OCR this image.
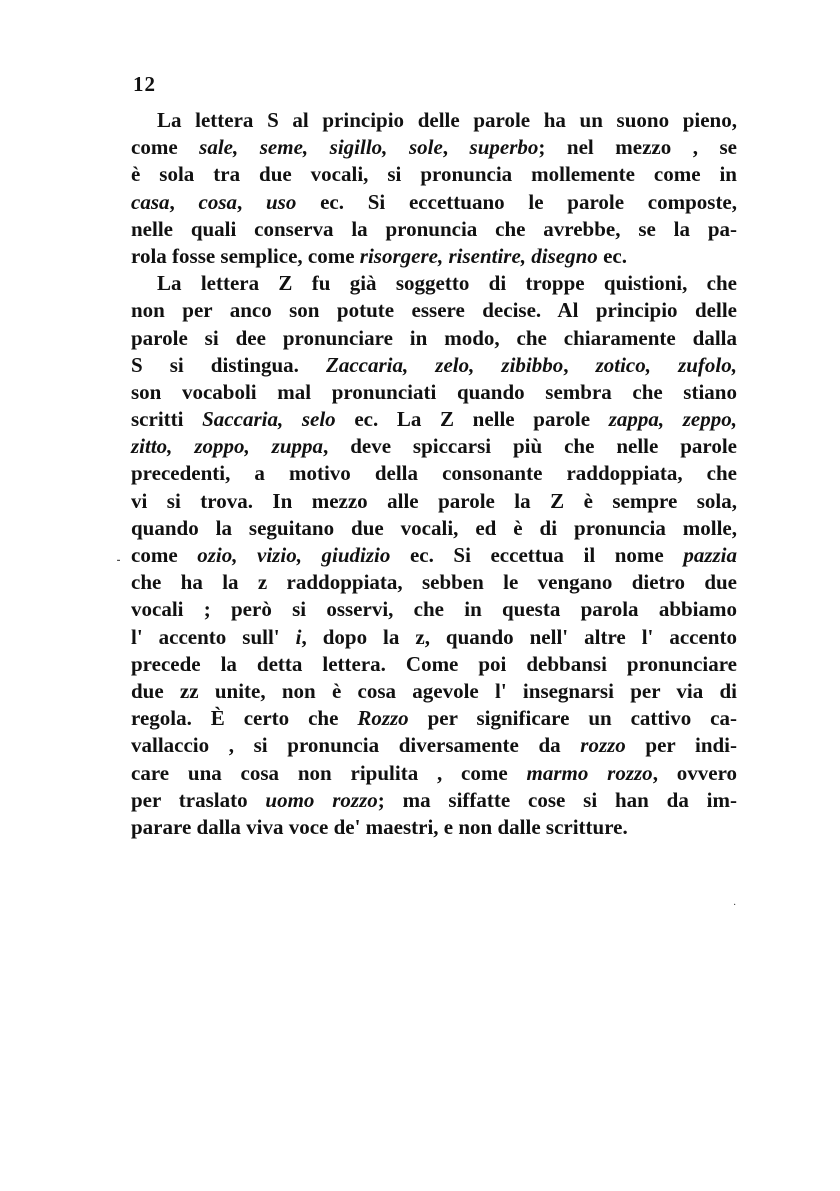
12
La lettera S al principio delle parole ha un suono pieno,
come sale, seme, sigillo, sole, superbo; nel mezzo , se
è sola tra due vocali, si pronuncia mollemente come in
casa, cosa, uso ec. Si eccettuano le parole composte,
nelle quali conserva la pronuncia che avrebbe, se la pa-
rola fosse semplice, come risorgere, risentire, disegno ec.
La lettera Z fu già soggetto di troppe quistioni, che
non per anco son potute essere decise. Al principio delle
parole si dee pronunciare in modo, che chiaramente dalla
S si distingua. Zaccaria, zelo, zibibbo, zotico, zufolo,
son vocaboli mal pronunciati quando sembra che stiano
scritti Saccaria, selo ec. La Z nelle parole zappa, zeppo,
zitto, zoppo, zuppa, deve spiccarsi più che nelle parole
precedenti, a motivo della consonante raddoppiata, che
vi si trova. In mezzo alle parole la Z è sempre sola,
quando la seguitano due vocali, ed è di pronuncia molle,
come ozio, vizio, giudizio ec. Si eccettua il nome pazzia
che ha la z raddoppiata, sebben le vengano dietro due
vocali ; però si osservi, che in questa parola abbiamo
l' accento sull' i, dopo la z, quando nell' altre l' accento
precede la detta lettera. Come poi debbansi pronunciare
due zz unite, non è cosa agevole l' insegnarsi per via di
regola. È certo che Rozzo per significare un cattivo ca-
vallaccio , si pronuncia diversamente da rozzo per indi-
care una cosa non ripulita , come marmo rozzo, ovvero
per traslato uomo rozzo; ma siffatte cose si han da im-
parare dalla viva voce de' maestri, e non dalle scritture.
⁃
·
